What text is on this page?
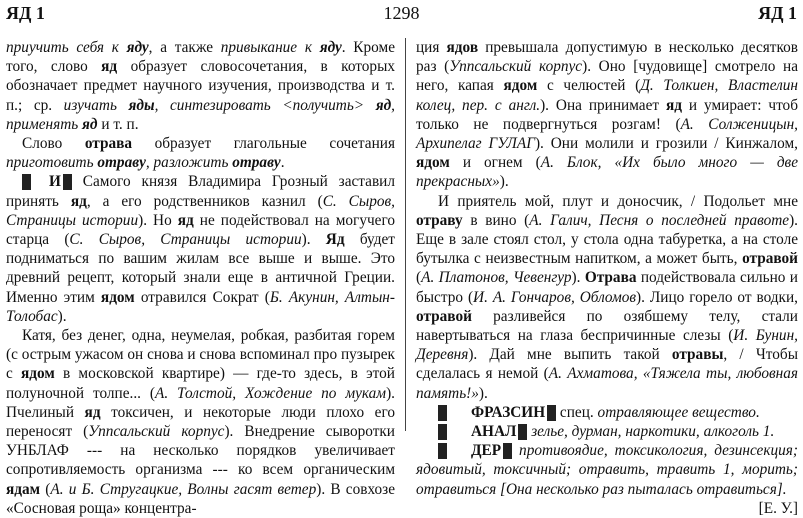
ЯД 1	1298	ЯД 1

приучить себя к яду, а также привыкание к яду. Кроме того, слово яд образует словосочетания, в которых обозначает предмет научного изучения, производства и т. п.; ср. изучать яды, синтезировать <получить> яд, применять яд и т. п.

Слово отрава образует глагольные сочетания приготовить отраву, разложить отраву.

И Самого князя Владимира Грозный заставил принять яд, а его родственников казнил (С. Сыров, Страницы истории). Но яд не подействовал на могучего старца (С. Сыров, Страницы истории). Яд будет подниматься по вашим жилам все выше и выше. Это древний рецепт, который знали еще в античной Греции. Именно этим ядом отравился Сократ (Б. Акунин, Алтын-Толобас).

Катя, без денег, одна, неумелая, робкая, разбитая горем (с острым ужасом он снова и снова вспоминал про пузырек с ядом в московской квартире) — где-то здесь, в этой полуночной толпе... (А. Толстой, Хождение по мукам). Пчелиный яд токсичен, и некоторые люди плохо его переносят (Уппсальский корпус). Внедрение сыворотки УНБЛАФ --- на несколько порядков увеличивает сопротивляемость организма --- ко всем органическим ядам (А. и Б. Стругацкие, Волны гасят ветер). В совхозе «Сосновая роща» концентра-

ция ядов превышала допустимую в несколько десятков раз (Уппсальский корпус). Оно [чудовище] смотрело на него, капая ядом с челюстей (Д. Толкиен, Властелин колец, пер. с англ.). Она принимает яд и умирает: чтоб только не подвергнуться розгам! (А. Солженицын, Архипелаг ГУЛАГ). Они молили и грозили / Кинжалом, ядом и огнем (А. Блок, «Их было много — две прекрасных»).

И приятель мой, плут и доносчик, / Подольет мне отраву в вино (А. Галич, Песня о последней правоте). Еще в зале стоял стол, у стола одна табуретка, а на столе бутылка с неизвестным напитком, а может быть, отравой (А. Платонов, Чевенгур). Отрава подействовала сильно и быстро (И. А. Гончаров, Обломов). Лицо горело от водки, отравой разливейся по озябшему телу, стали навертываться на глаза беспричинные слезы (И. Бунин, Деревня). Дай мне выпить такой отравы, / Чтобы сделалась я немой (А. Ахматова, «Тяжела ты, любовная память!»).

ФРАЗСИН спец. отравляющее вещество.

АНАЛ зелье, дурман, наркотики, алкоголь 1.

ДЕР противоядие, токсикология, дезинсекция; ядовитый, токсичный; отравить, травить 1, морить; отравиться [Она несколько раз пыталась отравиться].

[Е. У.]
